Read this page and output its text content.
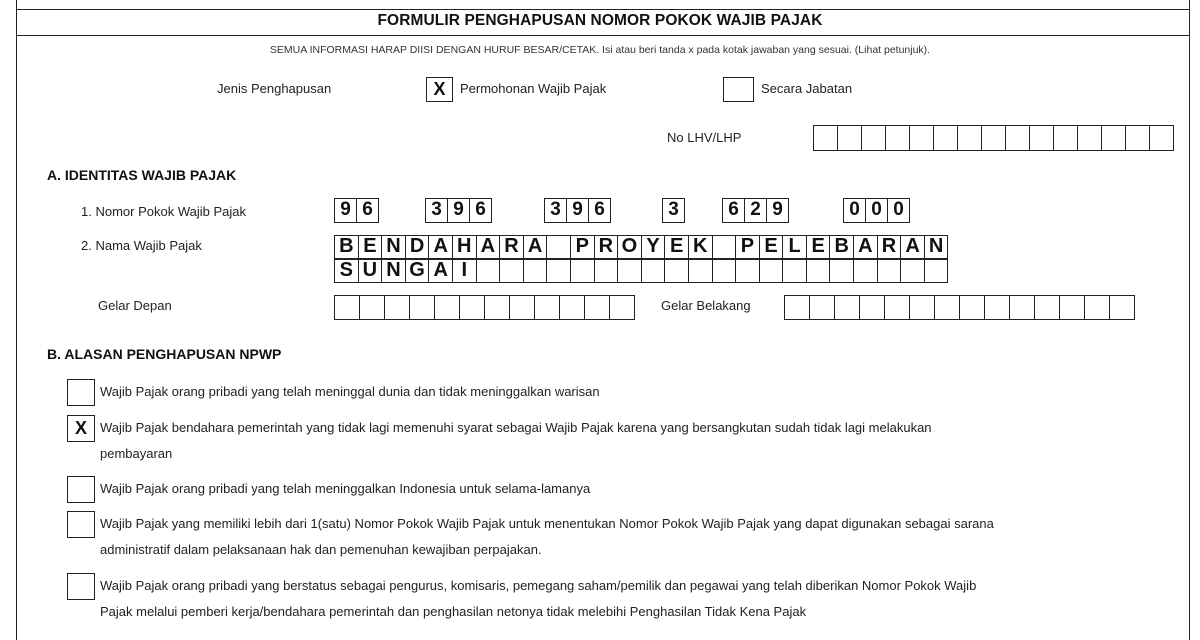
FORMULIR PENGHAPUSAN NOMOR POKOK WAJIB PAJAK
SEMUA INFORMASI HARAP DIISI DENGAN HURUF BESAR/CETAK. Isi atau beri tanda x pada kotak jawaban yang sesuai. (Lihat petunjuk).
Jenis Penghapusan	X	Permohonan Wajib Pajak	Secara Jabatan
No LHV/LHP
A. IDENTITAS WAJIB PAJAK
1. Nomor Pokok Wajib Pajak	9 6	3 9 6	3 9 6	3	6 2 9	0 0 0
2. Nama Wajib Pajak	B E N D A H A R A P R O Y E K P E L E B A R A N
S U N G A I
Gelar Depan	Gelar Belakang
B. ALASAN PENGHAPUSAN NPWP
Wajib Pajak orang pribadi yang telah meninggal dunia dan tidak meninggalkan warisan
X	Wajib Pajak bendahara pemerintah yang tidak lagi memenuhi syarat sebagai Wajib Pajak karena yang bersangkutan sudah tidak lagi melakukan
pembayaran
Wajib Pajak orang pribadi yang telah meninggalkan Indonesia untuk selama-lamanya
Wajib Pajak yang memiliki lebih dari 1(satu) Nomor Pokok Wajib Pajak untuk menentukan Nomor Pokok Wajib Pajak yang dapat digunakan sebagai sarana
administratif dalam pelaksanaan hak dan pemenuhan kewajiban perpajakan.
Wajib Pajak orang pribadi yang berstatus sebagai pengurus, komisaris, pemegang saham/pemilik dan pegawai yang telah diberikan Nomor Pokok Wajib
Pajak melalui pemberi kerja/bendahara pemerintah dan penghasilan netonya tidak melebihi Penghasilan Tidak Kena Pajak
